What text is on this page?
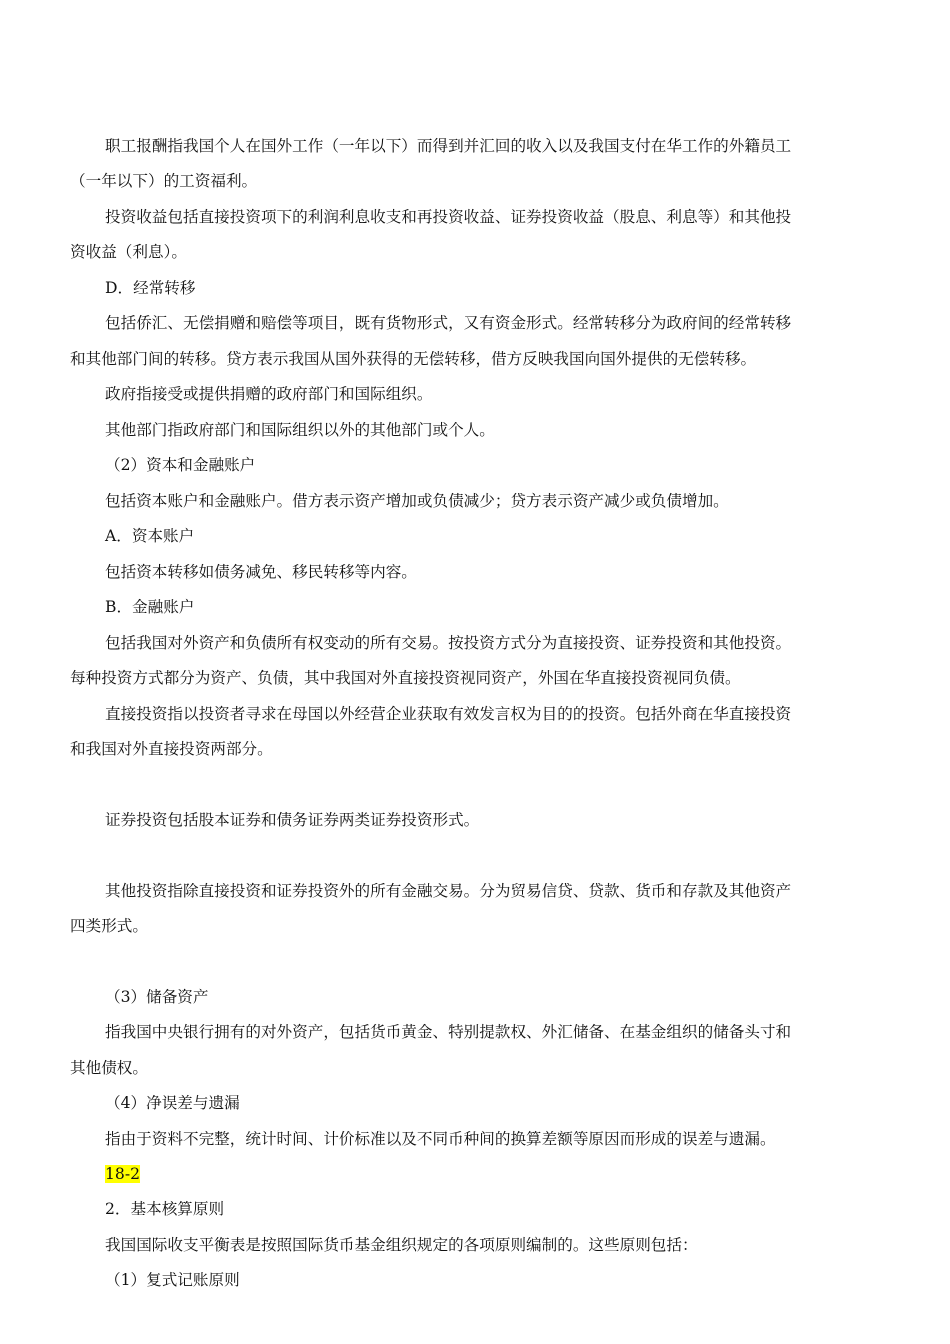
职工报酬指我国个人在国外工作（一年以下）而得到并汇回的收入以及我国支付在华工作的外籍员工
（一年以下）的工资福利。
投资收益包括直接投资项下的利润利息收支和再投资收益、证券投资收益（股息、利息等）和其他投
资收益（利息）。
D．经常转移
包括侨汇、无偿捐赠和赔偿等项目，既有货物形式，又有资金形式。经常转移分为政府间的经常转移
和其他部门间的转移。贷方表示我国从国外获得的无偿转移，借方反映我国向国外提供的无偿转移。
政府指接受或提供捐赠的政府部门和国际组织。
其他部门指政府部门和国际组织以外的其他部门或个人。
（2）资本和金融账户
包括资本账户和金融账户。借方表示资产增加或负债减少；贷方表示资产减少或负债增加。
A．资本账户
包括资本转移如债务减免、移民转移等内容。
B．金融账户
包括我国对外资产和负债所有权变动的所有交易。按投资方式分为直接投资、证券投资和其他投资。
每种投资方式都分为资产、负债，其中我国对外直接投资视同资产，外国在华直接投资视同负债。
直接投资指以投资者寻求在母国以外经营企业获取有效发言权为目的的投资。包括外商在华直接投资
和我国对外直接投资两部分。
证券投资包括股本证券和债务证券两类证券投资形式。
其他投资指除直接投资和证券投资外的所有金融交易。分为贸易信贷、贷款、货币和存款及其他资产
四类形式。
（3）储备资产
指我国中央银行拥有的对外资产，包括货币黄金、特别提款权、外汇储备、在基金组织的储备头寸和
其他债权。
（4）净误差与遗漏
指由于资料不完整，统计时间、计价标准以及不同币种间的换算差额等原因而形成的误差与遗漏。
18-2
2．基本核算原则
我国国际收支平衡表是按照国际货币基金组织规定的各项原则编制的。这些原则包括：
（1）复式记账原则
